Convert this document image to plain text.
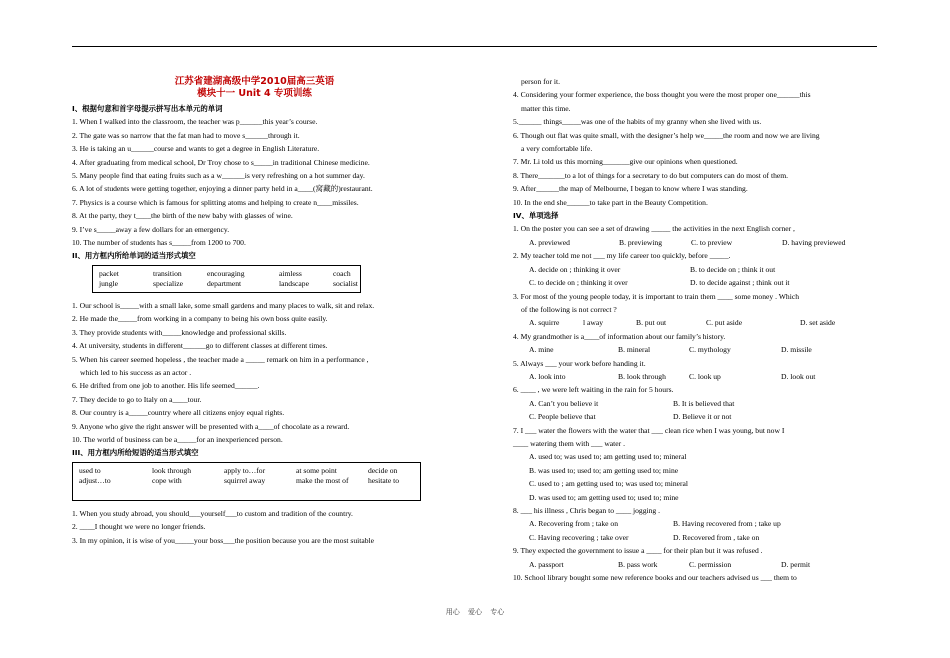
江苏省建湖高级中学2010届高三英语
模块十一 Unit 4 专项训练
I、根据句意和首字母提示拼写出本单元的单词
1. When I walked into the classroom, the teacher was p______this year’s course.
2. The gate was so narrow that the fat man had to move s______through it.
3. He is taking an u______course and wants to get a degree in English Literature.
4. After graduating from medical school, Dr Troy chose to s_____in traditional Chinese medicine.
5. Many people find that eating fruits such as a w______is very refreshing on a hot summer day.
6. A lot of students were getting together, enjoying a dinner party held in a____(窝藏的)restaurant.
7. Physics is a course which is famous for splitting atoms and helping to create n____missiles.
8. At the party, they t____the birth of the new baby with glasses of wine.
9. I’ve s_____away a few dollars for an emergency.
10. The number of students has s_____from 1200 to 700.
II、用方框内所给单词的适当形式填空
packet	transition	encouraging	aimless	coach
jungle	specialize	department	landscape	socialist
1. Our school is_____with a small lake, some small gardens and many places to walk, sit and relax.
2. He made the_____from working in a company to being his own boss quite easily.
3. They provide students with_____knowledge and professional skills.
4. At university, students in different______go to different classes at different times.
5. When his career seemed hopeless , the teacher made a _____ remark on him in a performance ,
which led to his success as an actor .
6. He drifted from one job to another. His life seemed______.
7. They decide to go to Italy on a____tour.
8. Our country is a_____country where all citizens enjoy equal rights.
9. Anyone who give the right answer will be presented with a____of chocolate as a reward.
10. The world of business can be a_____for an inexperienced person.
III、用方框内所给短语的适当形式填空
used to	look through	apply to…for	at some point	decide on
adjust…to	cope with	squirrel away	make the most of	hesitate to
1. When you study abroad, you should___yourself___to custom and tradition of the country.
2. ____I thought we were no longer friends.
3. In my opinion, it is wise of you_____your boss___the position because you are the most suitable
person for it.
4. Considering your former experience, the boss thought you were the most proper one______this
matter this time.
5.______ things_____was one of the habits of my granny when she lived with us.
6. Though out flat was quite small, with the designer’s help we_____the room and now we are living
a very comfortable life.
7. Mr. Li told us this morning_______give our opinions when questioned.
8. There_______to a lot of things for a secretary to do but computers can do most of them.
9. After______the map of Melbourne, I began to know where I was standing.
10. In the end she______to take part in the Beauty Competition.
IV、单项选择
1. On the poster you can see a set of drawing _____ the activities in the next English corner ,
A. previewed	B. previewing	C. to preview	D. having previewed
2. My teacher told me not ___ my life career too quickly, before _____.
A. decide on ; thinking it over	B. to decide on ; think it out
C. to decide on ; thinking it over	D. to decide against ; think out it
3. For most of the young people today, it is important to train them ____ some money . Which
of the following is not correct ?
A. squirre	l away	B. put out	C. put aside	D. set aside
4. My grandmother is a____of information about our family’s history.
A. mine	B. mineral	C. mythology	D. missile
5. Always ___ your work before handing it.
A. look into	B. look through	C. look up	D. look out
6. ____ , we were left waiting in the rain for 5 hours.
A. Can’t you believe it	B. It is believed that
C. People believe that	D. Believe it or not
7. I ___ water the flowers with the water that ___ clean rice when I was young, but now I
____ watering them with ___ water .
A. used to; was used to; am getting used to; mineral
B. was used to; used to; am getting used to; mine
C. used to ; am getting used to; was used to; mineral
D. was used to; am getting used to; used to; mine
8. ___ his illness , Chris began to ____ jogging .
A. Recovering from ; take on	B. Having recovered from ; take up
C. Having recovering ; take over	D. Recovered from , take on
9. They expected the government to issue a ____ for their plan but it was refused .
A. passport	B. pass work	C. permission	D. permit
10. School library bought some new reference books and our teachers advised us ___ them to
用心 爱心 专心
